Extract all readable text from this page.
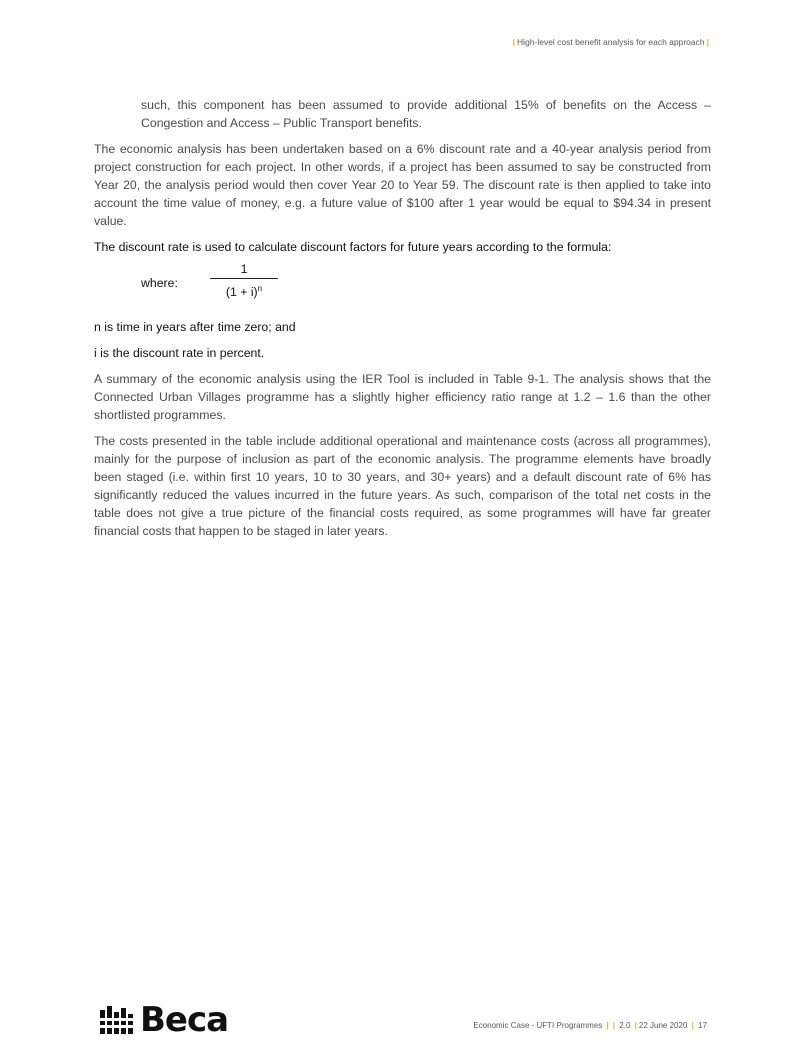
| High-level cost benefit analysis for each approach |

such, this component has been assumed to provide additional 15% of benefits on the Access – Congestion and Access – Public Transport benefits.

The economic analysis has been undertaken based on a 6% discount rate and a 40-year analysis period from project construction for each project. In other words, if a project has been assumed to say be constructed from Year 20, the analysis period would then cover Year 20 to Year 59. The discount rate is then applied to take into account the time value of money, e.g. a future value of $100 after 1 year would be equal to $94.34 in present value.

The discount rate is used to calculate discount factors for future years according to the formula:

where:
1
$(1 + i)^n$

n is time in years after time zero; and

i is the discount rate in percent.

A summary of the economic analysis using the IER Tool is included in Table 9-1. The analysis shows that the Connected Urban Villages programme has a slightly higher efficiency ratio range at 1.2 – 1.6 than the other shortlisted programmes.

The costs presented in the table include additional operational and maintenance costs (across all programmes), mainly for the purpose of inclusion as part of the economic analysis. The programme elements have broadly been staged (i.e. within first 10 years, 10 to 30 years, and 30+ years) and a default discount rate of 6% has significantly reduced the values incurred in the future years. As such, comparison of the total net costs in the table does not give a true picture of the financial costs required, as some programmes will have far greater financial costs that happen to be staged in later years.

Beca	Economic Case - UFTI Programmes | | 2.0 | 22 June 2020 | 17
